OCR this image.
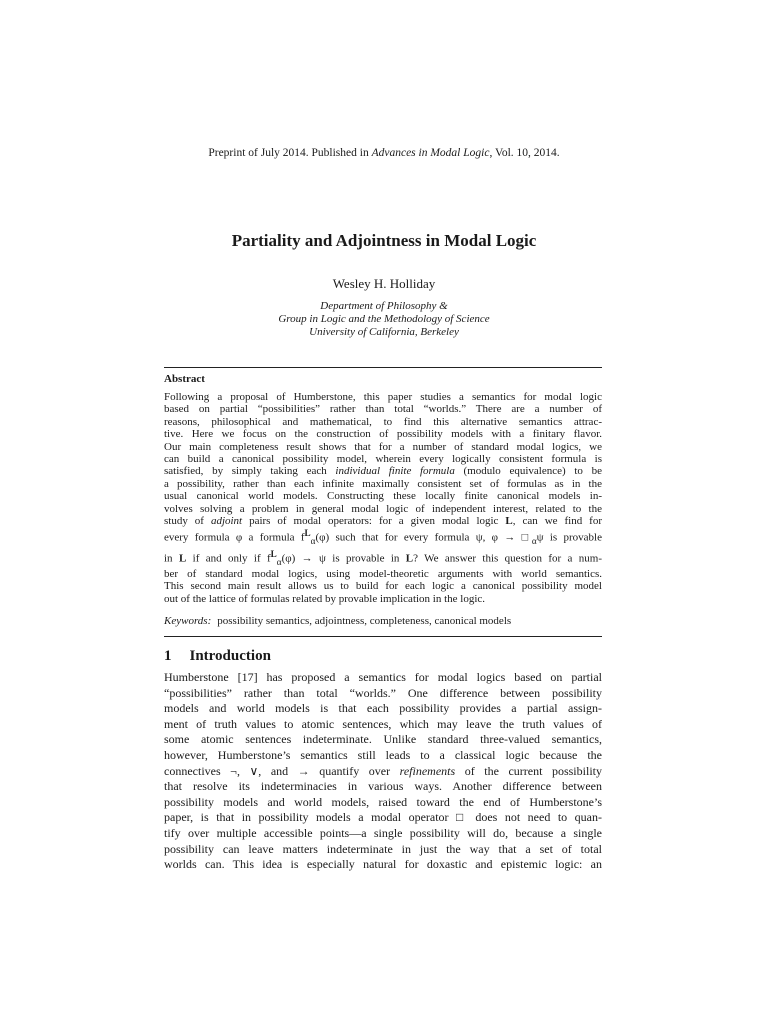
Preprint of July 2014. Published in Advances in Modal Logic, Vol. 10, 2014.
Partiality and Adjointness in Modal Logic
Wesley H. Holliday
Department of Philosophy &
Group in Logic and the Methodology of Science
University of California, Berkeley
Abstract
Following a proposal of Humberstone, this paper studies a semantics for modal logic
based on partial “possibilities” rather than total “worlds.” There are a number of
reasons, philosophical and mathematical, to find this alternative semantics attrac-
tive. Here we focus on the construction of possibility models with a finitary flavor.
Our main completeness result shows that for a number of standard modal logics, we
can build a canonical possibility model, wherein every logically consistent formula is
satisfied, by simply taking each individual finite formula (modulo equivalence) to be
a possibility, rather than each infinite maximally consistent set of formulas as in the
usual canonical world models. Constructing these locally finite canonical models in-
volves solving a problem in general modal logic of independent interest, related to the
study of adjoint pairs of modal operators: for a given modal logic L, can we find for
every formula φ a formula $f^L_\alpha(\varphi)$ such that for every formula ψ, $\varphi \to □_\alpha\psi$ is provable
in L if and only if $f^L_\alpha(\varphi) \to \psi$ is provable in L? We answer this question for a num-
ber of standard modal logics, using model-theoretic arguments with world semantics.
This second main result allows us to build for each logic a canonical possibility model
out of the lattice of formulas related by provable implication in the logic.
Keywords: possibility semantics, adjointness, completeness, canonical models
1 Introduction
Humberstone [17] has proposed a semantics for modal logics based on partial
“possibilities” rather than total “worlds.” One difference between possibility
models and world models is that each possibility provides a partial assign-
ment of truth values to atomic sentences, which may leave the truth values of
some atomic sentences indeterminate. Unlike standard three-valued semantics,
however, Humberstone’s semantics still leads to a classical logic because the
connectives ¬, ∨, and → quantify over refinements of the current possibility
that resolve its indeterminacies in various ways. Another difference between
possibility models and world models, raised toward the end of Humberstone’s
paper, is that in possibility models a modal operator □ does not need to quan-
tify over multiple accessible points—a single possibility will do, because a single
possibility can leave matters indeterminate in just the way that a set of total
worlds can. This idea is especially natural for doxastic and epistemic logic: an
